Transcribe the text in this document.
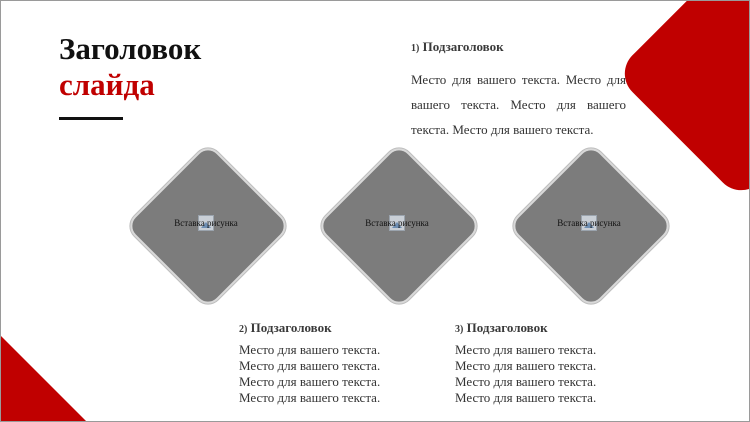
Заголовок
слайда
1) Подзаголовок
Место для вашего текста. Место для вашего текста. Место для вашего текста. Место для вашего текста.
Вставка рисунка	Вставка рисунка	Вставка рисунка
2) Подзаголовок
Место для вашего текста.
Место для вашего текста.
Место для вашего текста.
Место для вашего текста.
3) Подзаголовок
Место для вашего текста.
Место для вашего текста.
Место для вашего текста.
Место для вашего текста.
